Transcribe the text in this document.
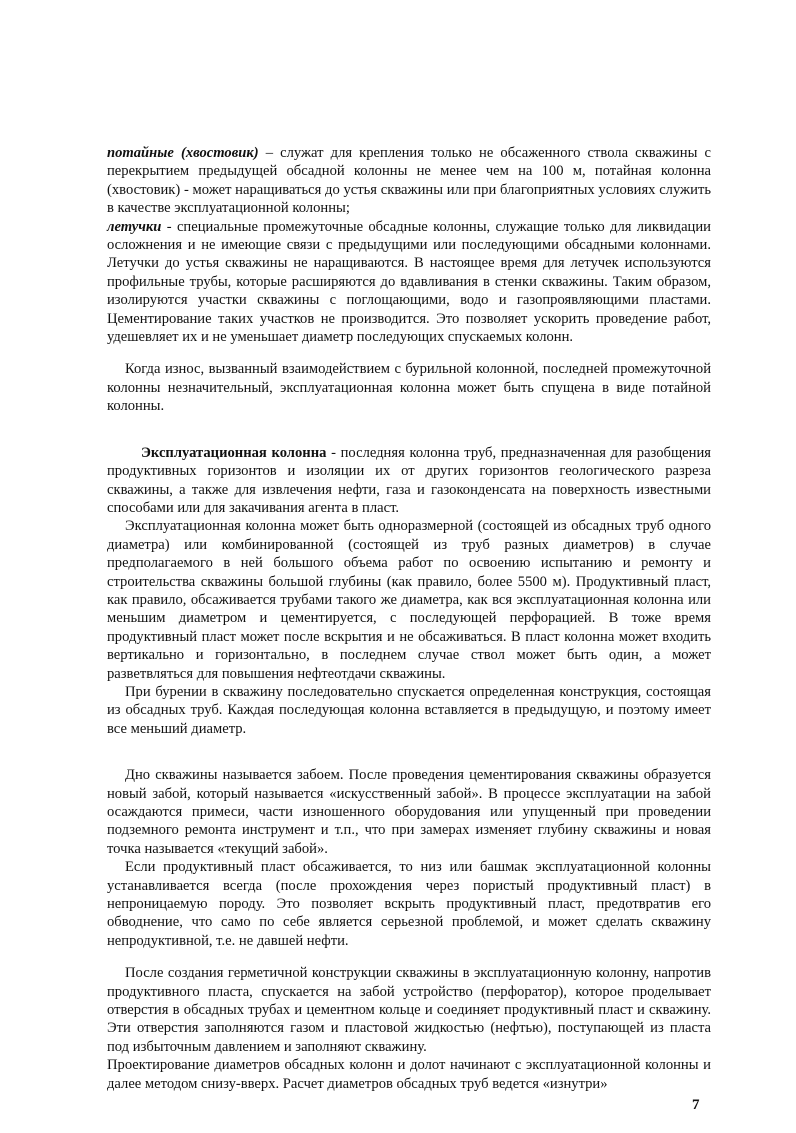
потайные (хвостовик) – служат для крепления только не обсаженного ствола скважины с перекрытием предыдущей обсадной колонны не менее чем на 100 м, потайная колонна (хвостовик) - может наращиваться до устья скважины или при благоприятных условиях служить в качестве эксплуатационной колонны;

летучки - специальные промежуточные обсадные колонны, служащие только для ликвидации осложнения и не имеющие связи с предыдущими или последующими обсадными колоннами. Летучки до устья скважины не наращиваются. В настоящее время для летучек используются профильные трубы, которые расширяются до вдавливания в стенки скважины. Таким образом, изолируются участки скважины с поглощающими, водо и газопроявляющими пластами. Цементирование таких участков не производится. Это позволяет ускорить проведение работ, удешевляет их и не уменьшает диаметр последующих спускаемых колонн.

Когда износ, вызванный взаимодействием с бурильной колонной, последней промежуточной колонны незначительный, эксплуатационная колонна может быть спущена в виде потайной колонны.

Эксплуатационная колонна - последняя колонна труб, предназначенная для разобщения продуктивных горизонтов и изоляции их от других горизонтов геологического разреза скважины, а также для извлечения нефти, газа и газоконденсата на поверхность известными способами или для закачивания агента в пласт.

Эксплуатационная колонна может быть одноразмерной (состоящей из обсадных труб одного диаметра) или комбинированной (состоящей из труб разных диаметров) в случае предполагаемого в ней большого объема работ по освоению испытанию и ремонту и строительства скважины большой глубины (как правило, более 5500 м). Продуктивный пласт, как правило, обсаживается трубами такого же диаметра, как вся эксплуатационная колонна или меньшим диаметром и цементируется, с последующей перфорацией. В тоже время продуктивный пласт может после вскрытия и не обсаживаться. В пласт колонна может входить вертикально и горизонтально, в последнем случае ствол может быть один, а может разветвляться для повышения нефтеотдачи скважины.

При бурении в скважину последовательно спускается определенная конструкция, состоящая из обсадных труб. Каждая последующая колонна вставляется в предыдущую, и поэтому имеет все меньший диаметр.

Дно скважины называется забоем. После проведения цементирования скважины образуется новый забой, который называется «искусственный забой». В процессе эксплуатации на забой осаждаются примеси, части изношенного оборудования или упущенный при проведении подземного ремонта инструмент и т.п., что при замерах изменяет глубину скважины и новая точка называется «текущий забой».

Если продуктивный пласт обсаживается, то низ или башмак эксплуатационной колонны устанавливается всегда (после прохождения через пористый продуктивный пласт) в непроницаемую породу. Это позволяет вскрыть продуктивный пласт, предотвратив его обводнение, что само по себе является серьезной проблемой, и может сделать скважину непродуктивной, т.е. не давшей нефти.

После создания герметичной конструкции скважины в эксплуатационную колонну, напротив продуктивного пласта, спускается на забой устройство (перфоратор), которое проделывает отверстия в обсадных трубах и цементном кольце и соединяет продуктивный пласт и скважину. Эти отверстия заполняются газом и пластовой жидкостью (нефтью), поступающей из пласта под избыточным давлением и заполняют скважину.

Проектирование диаметров обсадных колонн и долот начинают с эксплуатационной колонны и далее методом снизу-вверх. Расчет диаметров обсадных труб ведется «изнутри»

7
